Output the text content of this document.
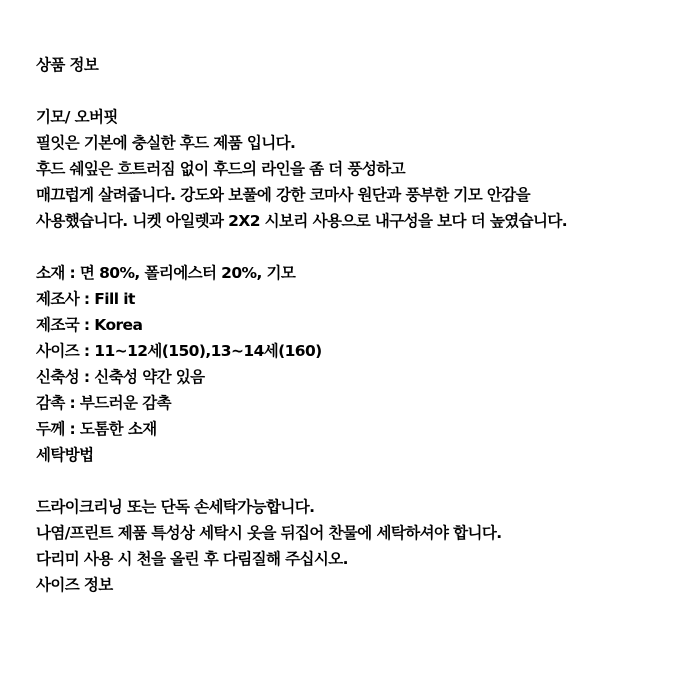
상품 정보
기모/ 오버핏
필잇은 기본에 충실한 후드 제품 입니다.
후드 쉐잎은 흐트러짐 없이 후드의 라인을 좀 더 풍성하고
매끄럽게 살려줍니다. 강도와 보풀에 강한 코마사 원단과 풍부한 기모 안감을
사용했습니다. 니켓 아일렛과 2X2 시보리 사용으로 내구성을 보다 더 높였습니다.
소재 : 면 80%, 폴리에스터 20%, 기모
제조사 : Fill it
제조국 : Korea
사이즈 : 11~12세(150),13~14세(160)
신축성 : 신축성 약간 있음
감촉 : 부드러운 감촉
두께 : 도톰한 소재
세탁방법
드라이크리닝 또는 단독 손세탁가능합니다.
나염/프린트 제품 특성상 세탁시 옷을 뒤집어 찬물에 세탁하셔야 합니다.
다리미 사용 시 천을 올린 후 다림질해 주십시오.
사이즈 정보
